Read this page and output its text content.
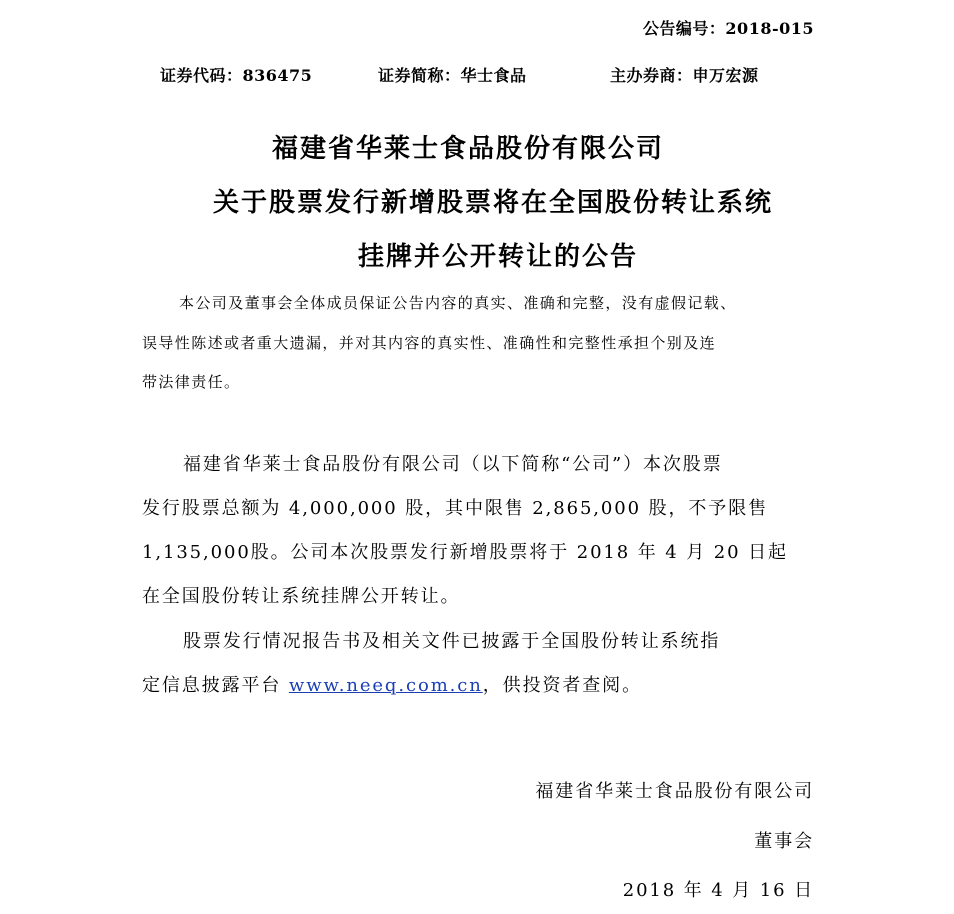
公告编号：2018-015
证券代码：836475	证券简称：华士食品	主办券商：申万宏源
福建省华莱士食品股份有限公司
关于股票发行新增股票将在全国股份转让系统
挂牌并公开转让的公告
本公司及董事会全体成员保证公告内容的真实、准确和完整，没有虚假记载、
误导性陈述或者重大遗漏，并对其内容的真实性、准确性和完整性承担个别及连
带法律责任。
福建省华莱士食品股份有限公司（以下简称“公司”）本次股票
发行股票总额为 4,000,000 股，其中限售 2,865,000 股，不予限售
1,135,000股。公司本次股票发行新增股票将于 2018 年 4 月 20 日起
在全国股份转让系统挂牌公开转让。
股票发行情况报告书及相关文件已披露于全国股份转让系统指
定信息披露平台 www.neeq.com.cn，供投资者查阅。
福建省华莱士食品股份有限公司
董事会
2018 年 4 月 16 日
